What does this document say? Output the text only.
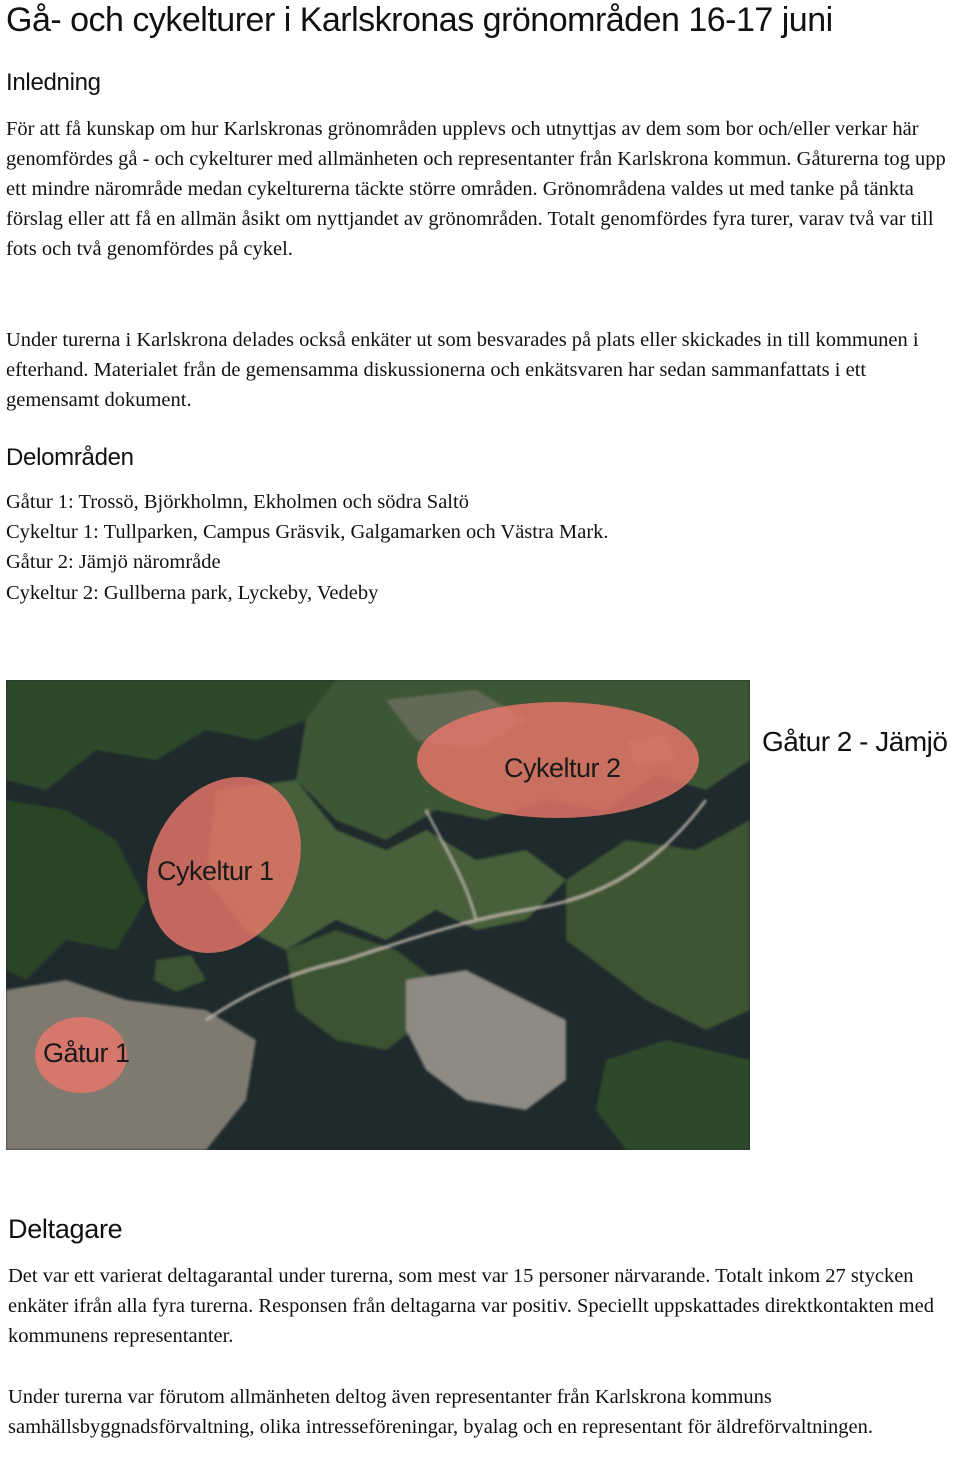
Gå- och cykelturer i Karlskronas grönområden 16-17 juni
Inledning

För att få kunskap om hur Karlskronas grönområden upplevs och utnyttjas av dem som bor och/eller verkar här genomfördes gå - och cykelturer med allmänheten och representanter från Karlskrona kommun. Gåturerna tog upp ett mindre närområde medan cykelturerna täckte större områden. Grönområdena valdes ut med tanke på tänkta förslag eller att få en allmän åsikt om nyttjandet av grönområden. Totalt genomfördes fyra turer, varav två var till fots och två genomfördes på cykel.

Under turerna i Karlskrona delades också enkäter ut som besvarades på plats eller skickades in till kommunen i efterhand. Materialet från de gemensamma diskussionerna och enkätsvaren har sedan sammanfattats i ett gemensamt dokument.

Delområden
Gåtur 1: Trossö, Björkholmn, Ekholmen och södra Saltö
Cykeltur 1: Tullparken, Campus Gräsvik, Galgamarken och Västra Mark.
Gåtur 2: Jämjö närområde
Cykeltur 2: Gullberna park, Lyckeby, Vedeby
Cykeltur 2
Cykeltur 1
Gåtur 1
Gåtur 2 - Jämjö
Deltagare

Det var ett varierat deltagarantal under turerna, som mest var 15 personer närvarande. Totalt inkom 27 stycken enkäter ifrån alla fyra turerna. Responsen från deltagarna var positiv. Speciellt uppskattades direktkontakten med kommunens representanter.

Under turerna var förutom allmänheten deltog även representanter från Karlskrona kommuns samhällsbyggnadsförvaltning, olika intresseföreningar, byalag och en representant för äldreförvaltningen.
